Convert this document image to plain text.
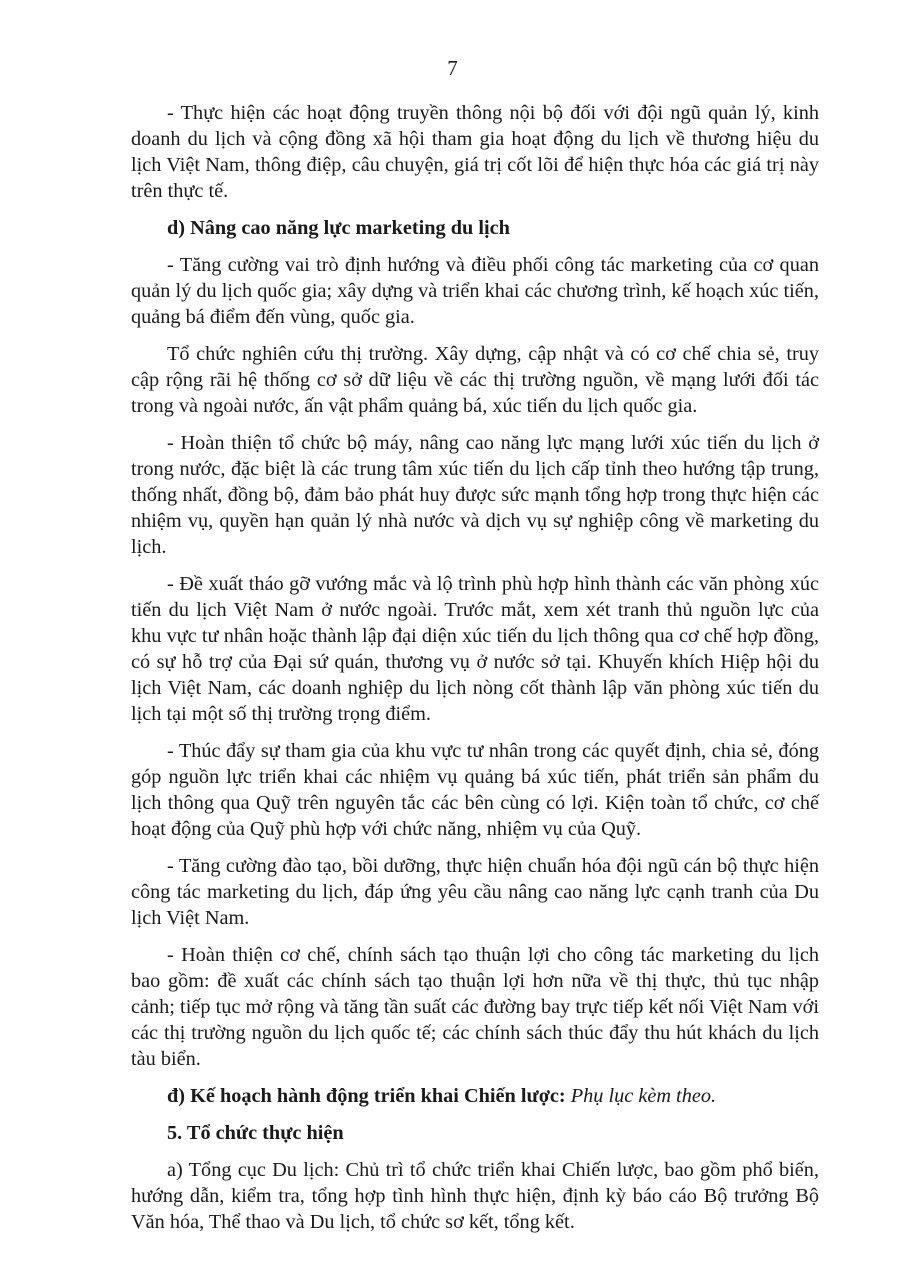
7

- Thực hiện các hoạt động truyền thông nội bộ đối với đội ngũ quản lý, kinh doanh du lịch và cộng đồng xã hội tham gia hoạt động du lịch về thương hiệu du lịch Việt Nam, thông điệp, câu chuyện, giá trị cốt lõi để hiện thực hóa các giá trị này trên thực tế.

d) Nâng cao năng lực marketing du lịch

- Tăng cường vai trò định hướng và điều phối công tác marketing của cơ quan quản lý du lịch quốc gia; xây dựng và triển khai các chương trình, kế hoạch xúc tiến, quảng bá điểm đến vùng, quốc gia.

Tổ chức nghiên cứu thị trường. Xây dựng, cập nhật và có cơ chế chia sẻ, truy cập rộng rãi hệ thống cơ sở dữ liệu về các thị trường nguồn, về mạng lưới đối tác trong và ngoài nước, ấn vật phẩm quảng bá, xúc tiến du lịch quốc gia.

- Hoàn thiện tổ chức bộ máy, nâng cao năng lực mạng lưới xúc tiến du lịch ở trong nước, đặc biệt là các trung tâm xúc tiến du lịch cấp tỉnh theo hướng tập trung, thống nhất, đồng bộ, đảm bảo phát huy được sức mạnh tổng hợp trong thực hiện các nhiệm vụ, quyền hạn quản lý nhà nước và dịch vụ sự nghiệp công về marketing du lịch.

- Đề xuất tháo gỡ vướng mắc và lộ trình phù hợp hình thành các văn phòng xúc tiến du lịch Việt Nam ở nước ngoài. Trước mắt, xem xét tranh thủ nguồn lực của khu vực tư nhân hoặc thành lập đại diện xúc tiến du lịch thông qua cơ chế hợp đồng, có sự hỗ trợ của Đại sứ quán, thương vụ ở nước sở tại. Khuyến khích Hiệp hội du lịch Việt Nam, các doanh nghiệp du lịch nòng cốt thành lập văn phòng xúc tiến du lịch tại một số thị trường trọng điểm.

- Thúc đẩy sự tham gia của khu vực tư nhân trong các quyết định, chia sẻ, đóng góp nguồn lực triển khai các nhiệm vụ quảng bá xúc tiến, phát triển sản phẩm du lịch thông qua Quỹ trên nguyên tắc các bên cùng có lợi. Kiện toàn tổ chức, cơ chế hoạt động của Quỹ phù hợp với chức năng, nhiệm vụ của Quỹ.

- Tăng cường đào tạo, bồi dưỡng, thực hiện chuẩn hóa đội ngũ cán bộ thực hiện công tác marketing du lịch, đáp ứng yêu cầu nâng cao năng lực cạnh tranh của Du lịch Việt Nam.

- Hoàn thiện cơ chế, chính sách tạo thuận lợi cho công tác marketing du lịch bao gồm: đề xuất các chính sách tạo thuận lợi hơn nữa về thị thực, thủ tục nhập cảnh; tiếp tục mở rộng và tăng tần suất các đường bay trực tiếp kết nối Việt Nam với các thị trường nguồn du lịch quốc tế; các chính sách thúc đẩy thu hút khách du lịch tàu biển.

đ) Kế hoạch hành động triển khai Chiến lược: Phụ lục kèm theo.

5. Tổ chức thực hiện

a) Tổng cục Du lịch: Chủ trì tổ chức triển khai Chiến lược, bao gồm phổ biến, hướng dẫn, kiểm tra, tổng hợp tình hình thực hiện, định kỳ báo cáo Bộ trưởng Bộ Văn hóa, Thể thao và Du lịch, tổ chức sơ kết, tổng kết.
